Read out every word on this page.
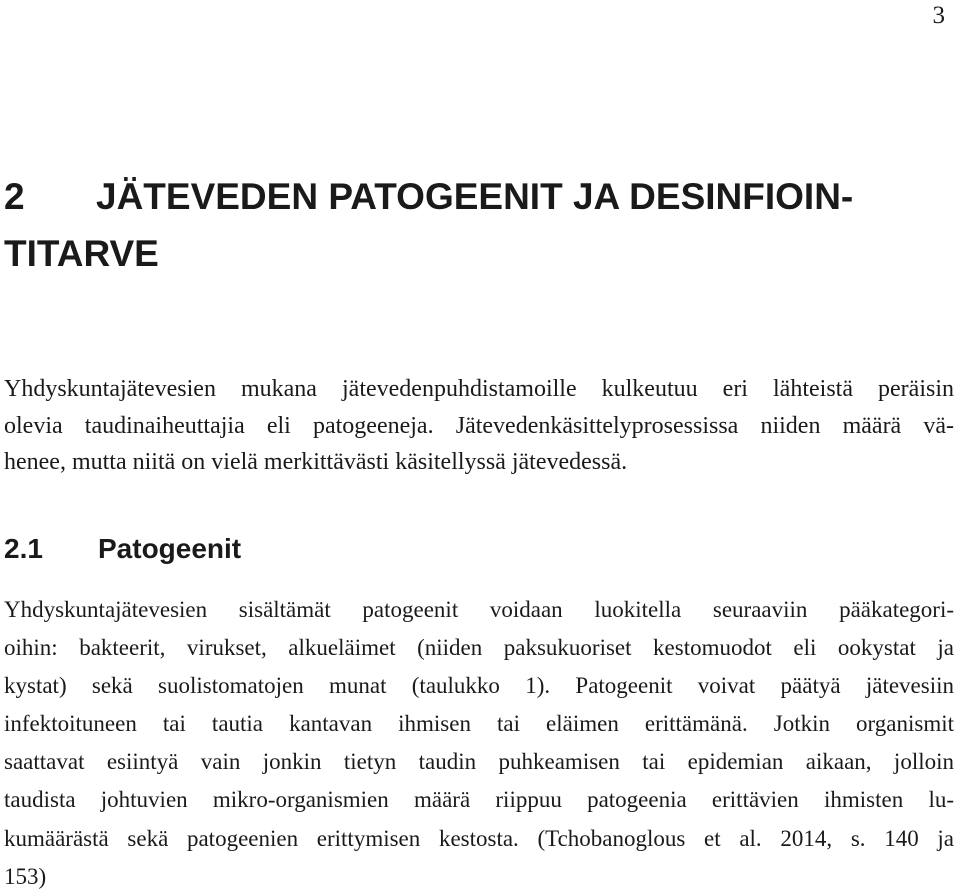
3
2 JÄTEVEDEN PATOGEENIT JA DESINFIOIN-
TITARVE

Yhdyskuntajätevesien mukana jätevedenpuhdistamoille kulkeutuu eri lähteistä peräisin
olevia taudinaiheuttajia eli patogeeneja. Jätevedenkäsittelyprosessissa niiden määrä vä-
henee, mutta niitä on vielä merkittävästi käsitellyssä jätevedessä.

2.1 Patogeenit

Yhdyskuntajätevesien sisältämät patogeenit voidaan luokitella seuraaviin pääkategori-
oihin: bakteerit, virukset, alkueläimet (niiden paksukuoriset kestomuodot eli ookystat ja
kystat) sekä suolistomatojen munat (taulukko 1). Patogeenit voivat päätyä jätevesiin
infektoituneen tai tautia kantavan ihmisen tai eläimen erittämänä. Jotkin organismit
saattavat esiintyä vain jonkin tietyn taudin puhkeamisen tai epidemian aikaan, jolloin
taudista johtuvien mikro-organismien määrä riippuu patogeenia erittävien ihmisten lu-
kumäärästä sekä patogeenien erittymisen kestosta. (Tchobanoglous et al. 2014, s. 140 ja
153)
